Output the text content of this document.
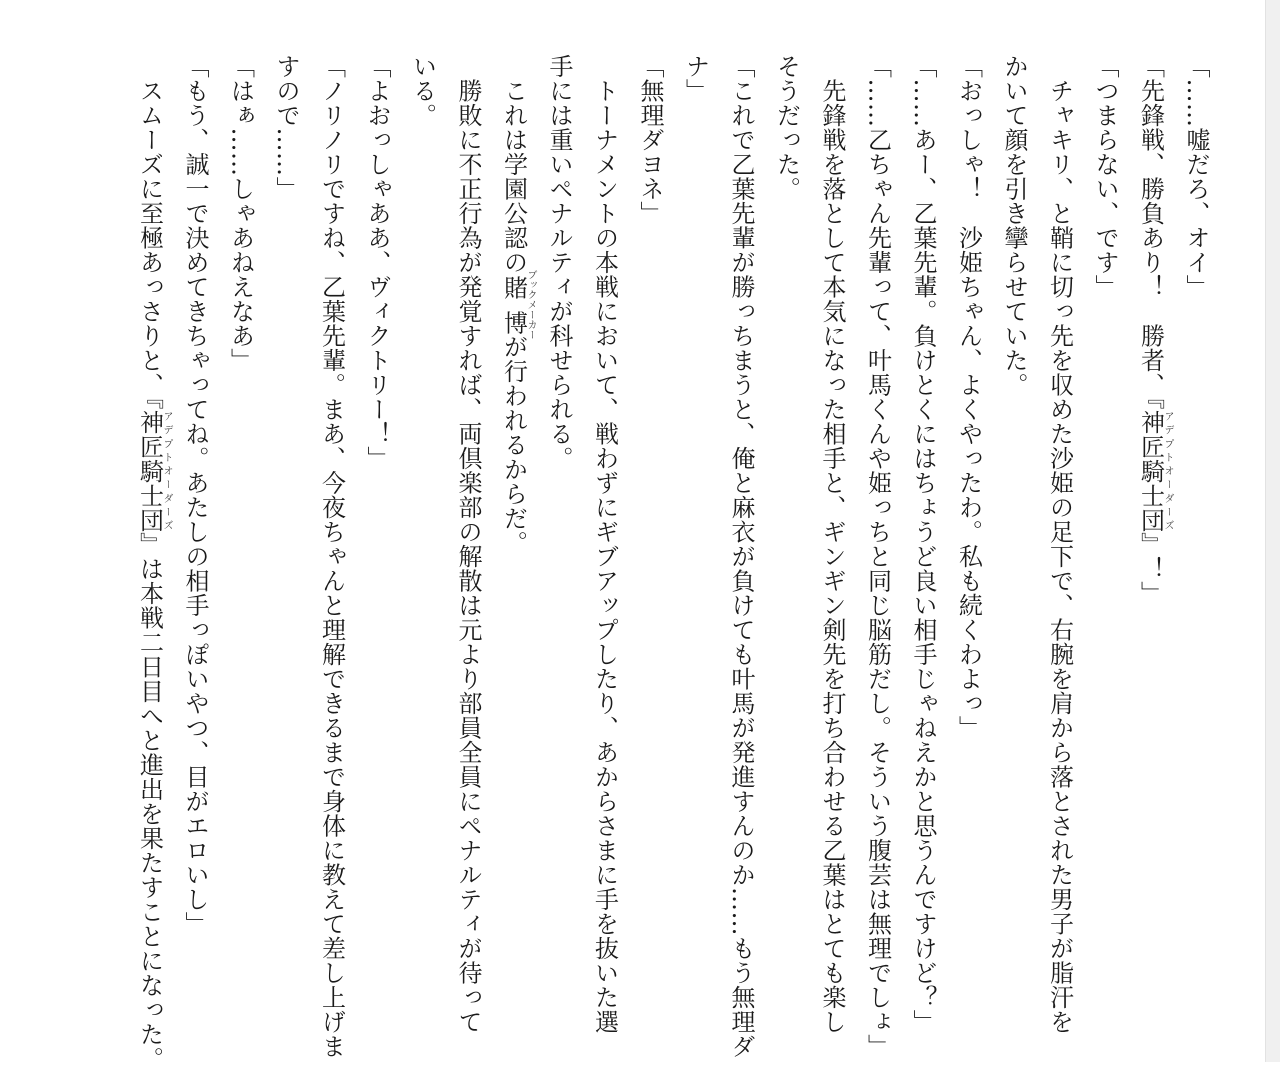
「……嘘だろ、オイ」
「先鋒戦、勝負あり！　勝者、『神匠騎士団アデプトオーダーズ』！」
「つまらない、です」
　チャキリ、と鞘に切っ先を収めた沙姫の足下で、右腕を肩から落とされた男子が脂汗を
かいて顔を引き攣らせていた。
「おっしゃ！　沙姫ちゃん、よくやったわ。私も続くわよっ」
「……あー、乙葉先輩。負けとくにはちょうど良い相手じゃねえかと思うんですけど？」
「……乙ちゃん先輩って、叶馬くんや姫っちと同じ脳筋だし。そういう腹芸は無理でしょ」
　先鋒戦を落として本気になった相手と、ギンギン剣先を打ち合わせる乙葉はとても楽し
そうだった。
「これで乙葉先輩が勝っちまうと、俺と麻衣が負けても叶馬が発進すんのか……もう無理ダ
ナ」
「無理ダヨネ」
　トーナメントの本戦において、戦わずにギブアップしたり、あからさまに手を抜いた選
手には重いペナルティが科せられる。
　これは学園公認の賭博ブックメーカーが行われるからだ。
　勝敗に不正行為が発覚すれば、両倶楽部の解散は元より部員全員にペナルティが待って
いる。
「よおっしゃああ、ヴィクトリー！」
「ノリノリですね、乙葉先輩。まあ、今夜ちゃんと理解できるまで身体に教えて差し上げま
すので……」
「はぁ……しゃあねえなあ」
「もう、誠一で決めてきちゃってね。あたしの相手っぽいやつ、目がエロいし」
　スムーズに至極あっさりと、『神匠騎士団アデプトオーダーズ』は本戦二日目へと進出を果たすことになった。
